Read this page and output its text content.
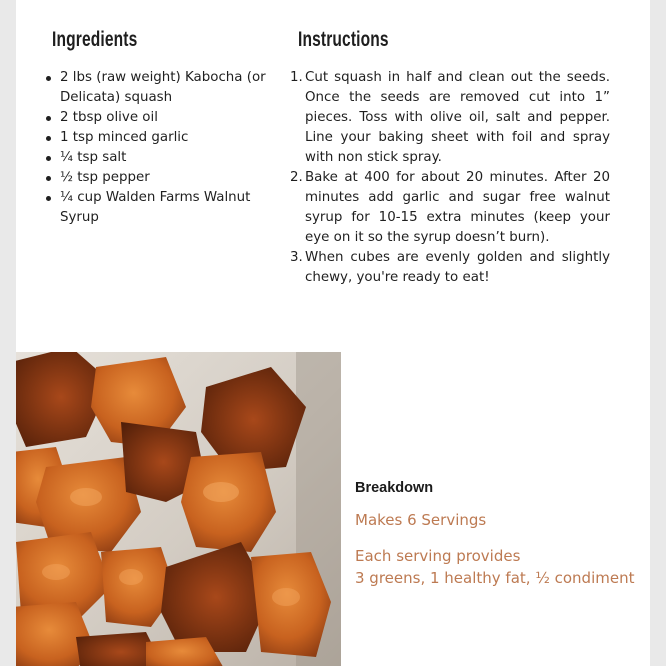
Ingredients
2 lbs (raw weight) Kabocha (or Delicata) squash
2 tbsp olive oil
1 tsp minced garlic
¼ tsp salt
½ tsp pepper
¼ cup Walden Farms Walnut Syrup
Instructions
1. Cut squash in half and clean out the seeds. Once the seeds are removed cut into 1” pieces. Toss with olive oil, salt and pepper. Line your baking sheet with foil and spray with non stick spray.
2. Bake at 400 for about 20 minutes. After 20 minutes add garlic and sugar free walnut syrup for 10-15 extra minutes (keep your eye on it so the syrup doesn’t burn).
3. When cubes are evenly golden and slightly chewy, you're ready to eat!
Breakdown
Makes 6 Servings
Each serving provides
3 greens, 1 healthy fat, ½ condiment
